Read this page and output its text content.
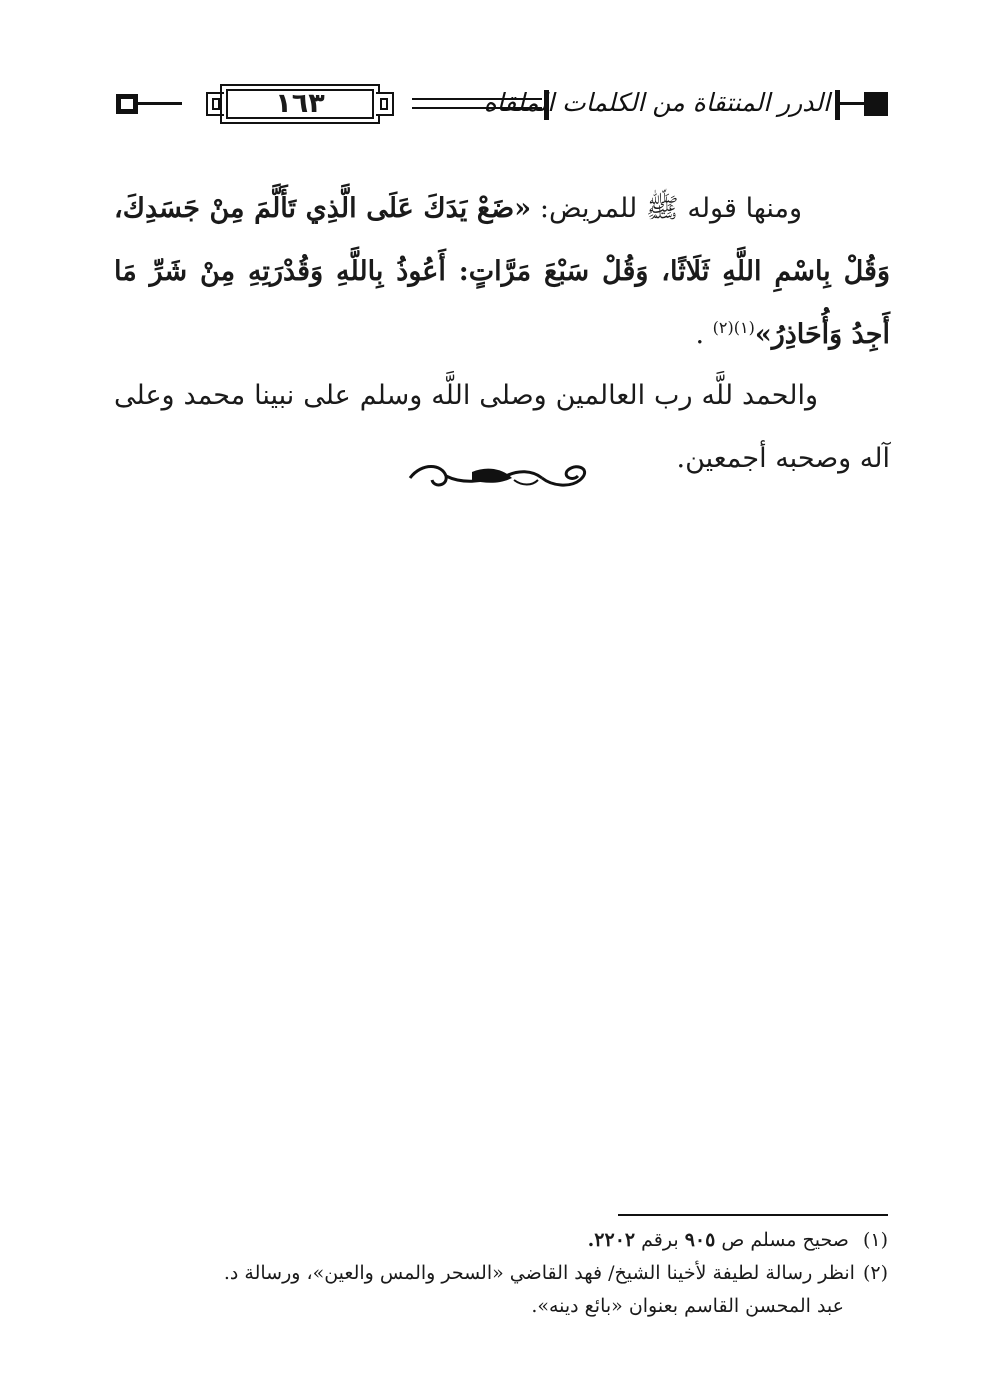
١٦٣	الدرر المنتقاة من الكلمات الملقاة

ومنها قوله ﷺ للمريض: «ضَعْ يَدَكَ عَلَى الَّذِي تَأَلَّمَ مِنْ جَسَدِكَ، وَقُلْ بِاسْمِ اللَّهِ ثَلَاثًا، وَقُلْ سَبْعَ مَرَّاتٍ: أَعُوذُ بِاللَّهِ وَقُدْرَتِهِ مِنْ شَرِّ مَا أَجِدُ وَأُحَاذِرُ»$^{(١)(٢)}$ .

والحمد للَّه رب العالمين وصلى اللَّه وسلم على نبينا محمد وعلى آله وصحبه أجمعين.

(١) صحيح مسلم ص ٩٠٥ برقم ٢٢٠٢.

(٢)انظر رسالة لطيفة لأخينا الشيخ/ فهد القاضي «السحر والمس والعين»، ورسالة د.
عبد المحسن القاسم بعنوان «بائع دينه».
